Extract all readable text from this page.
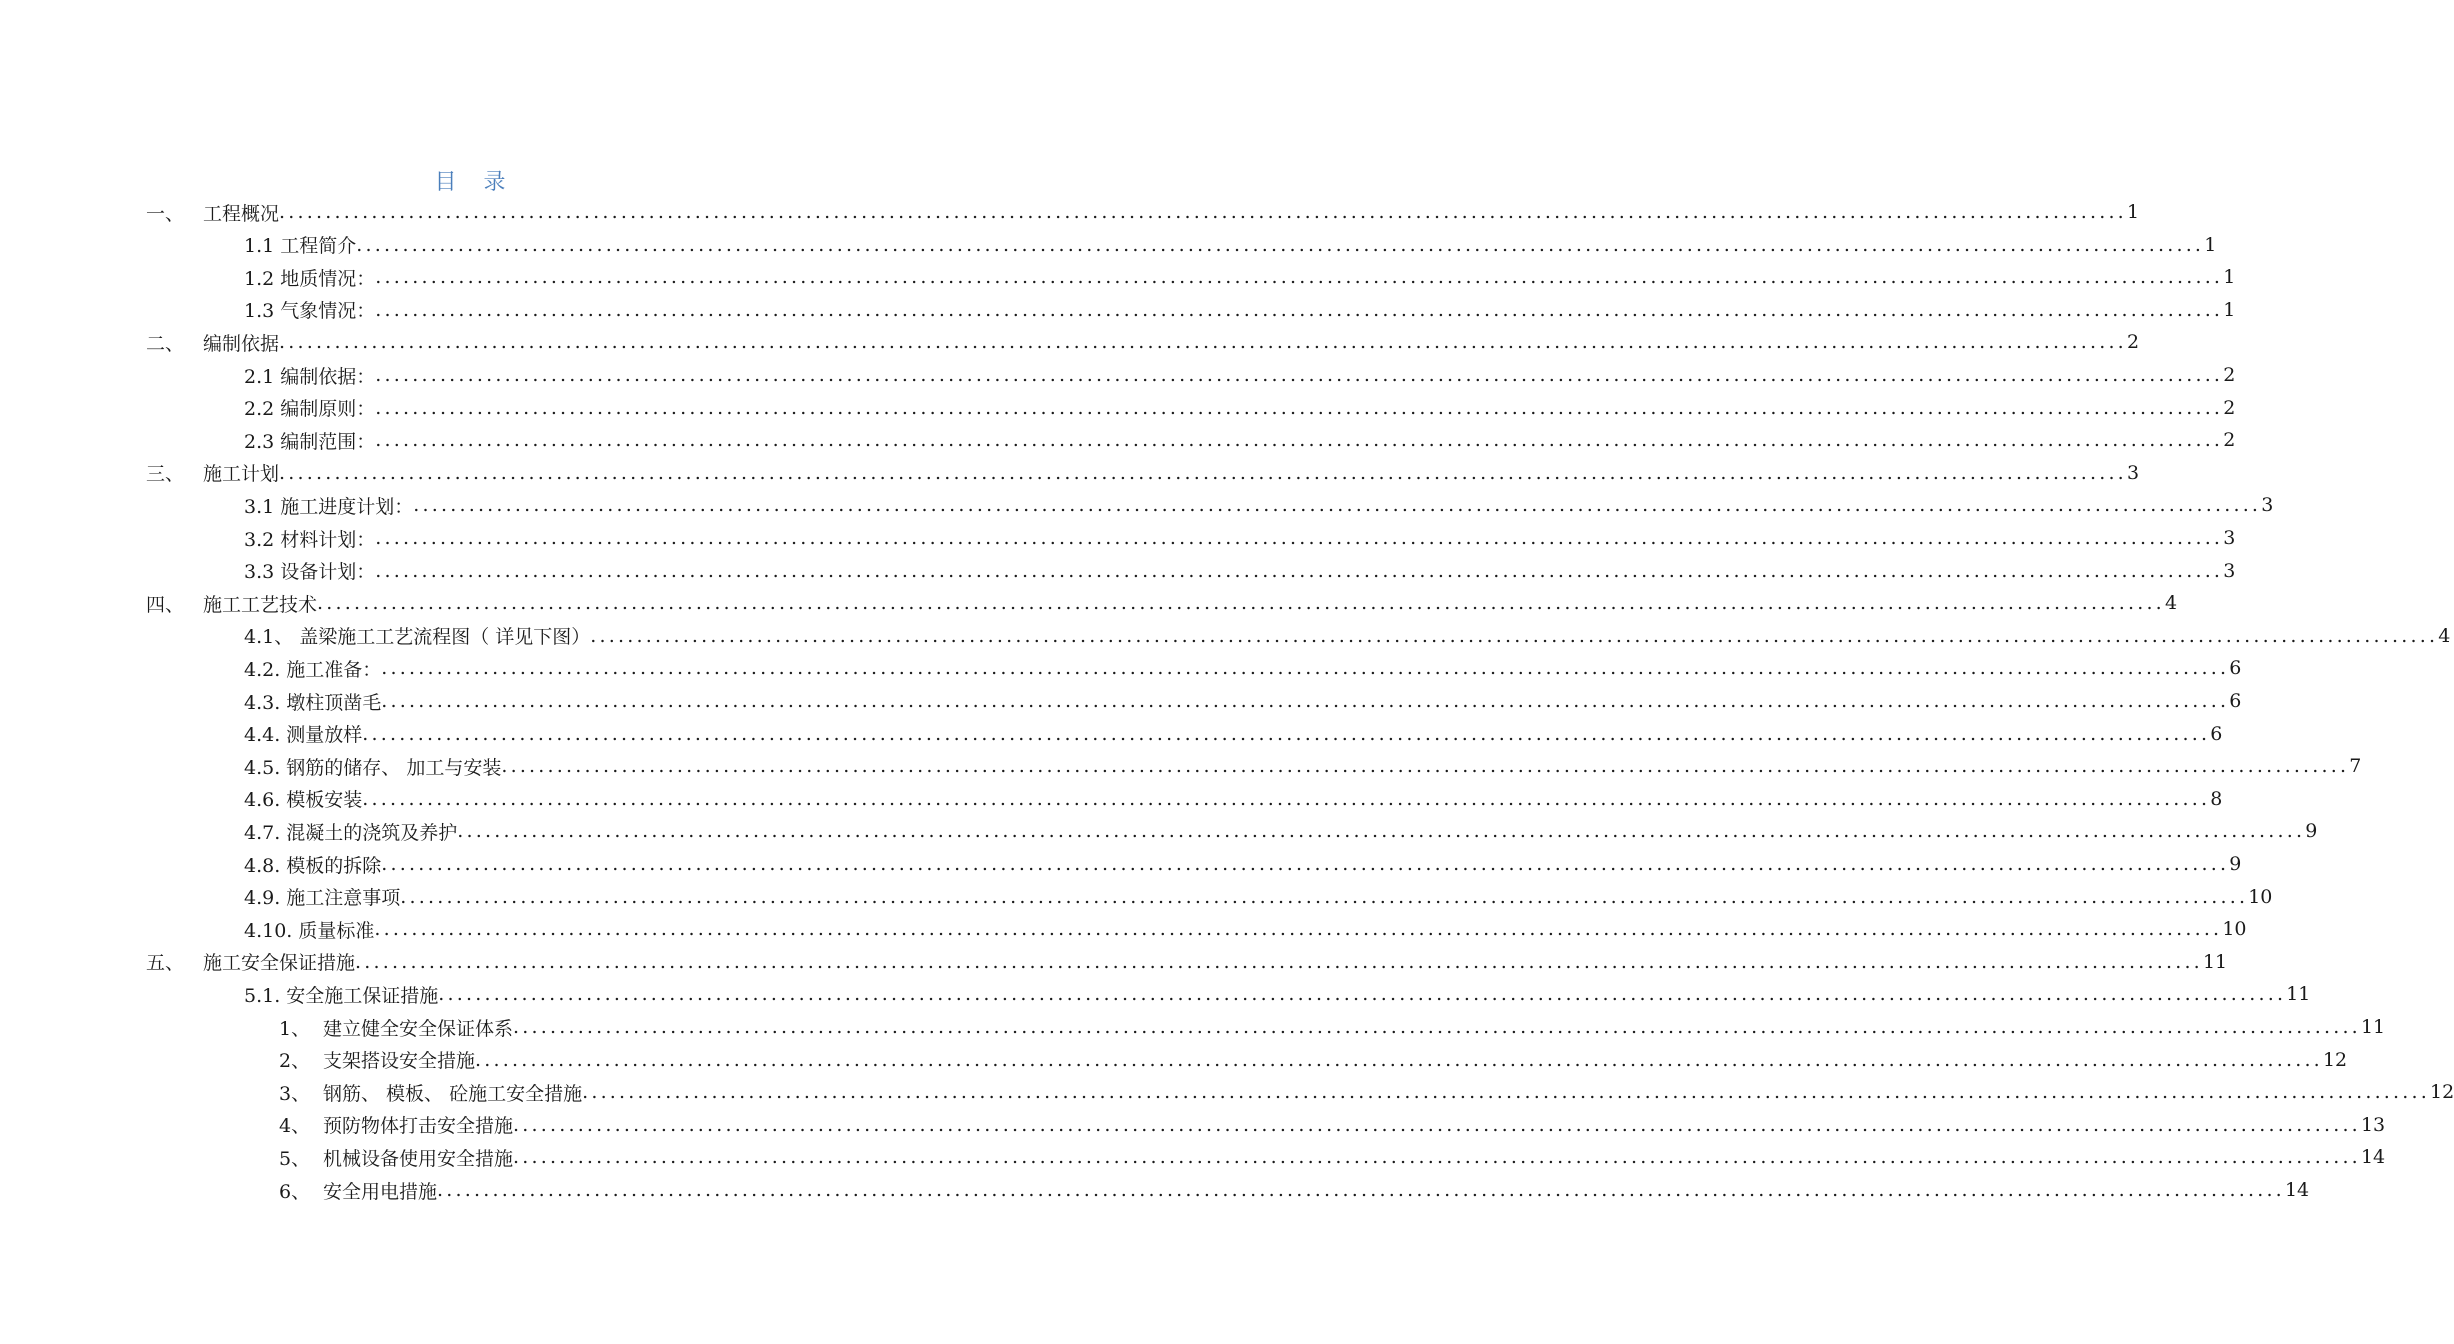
目 录
一、 工程概况 ........................................................................................................................................................................................................ 1
1.1 工程简介 ........................................................................................................................................................................................................ 1
1.2 地质情况： ........................................................................................................................................................................................................ 1
1.3 气象情况： ........................................................................................................................................................................................................ 1
二、 编制依据 ........................................................................................................................................................................................................ 2
2.1 编制依据： ........................................................................................................................................................................................................ 2
2.2 编制原则： ........................................................................................................................................................................................................ 2
2.3 编制范围： ........................................................................................................................................................................................................ 2
三、 施工计划 ........................................................................................................................................................................................................ 3
3.1 施工进度计划： ........................................................................................................................................................................................................ 3
3.2 材料计划： ........................................................................................................................................................................................................ 3
3.3 设备计划： ........................................................................................................................................................................................................ 3
四、 施工工艺技术 ........................................................................................................................................................................................................ 4
4.1、 盖梁施工工艺流程图（ 详见下图） ........................................................................................................................................................................................................ 4
4.2. 施工准备： ........................................................................................................................................................................................................ 6
4.3. 墩柱顶凿毛 ........................................................................................................................................................................................................ 6
4.4. 测量放样 ........................................................................................................................................................................................................ 6
4.5. 钢筋的储存、 加工与安装 ........................................................................................................................................................................................................ 7
4.6. 模板安装 ........................................................................................................................................................................................................ 8
4.7. 混凝土的浇筑及养护 ........................................................................................................................................................................................................ 9
4.8. 模板的拆除 ........................................................................................................................................................................................................ 9
4.9. 施工注意事项 ........................................................................................................................................................................................................ 10
4.10. 质量标准 ........................................................................................................................................................................................................ 10
五、 施工安全保证措施 ........................................................................................................................................................................................................ 11
5.1. 安全施工保证措施 ........................................................................................................................................................................................................ 11
1、 建立健全安全保证体系 ........................................................................................................................................................................................................ 11
2、 支架搭设安全措施 ........................................................................................................................................................................................................ 12
3、 钢筋、 模板、 砼施工安全措施 ........................................................................................................................................................................................................ 12
4、 预防物体打击安全措施 ........................................................................................................................................................................................................ 13
5、 机械设备使用安全措施 ........................................................................................................................................................................................................ 14
6、 安全用电措施 ........................................................................................................................................................................................................ 14
